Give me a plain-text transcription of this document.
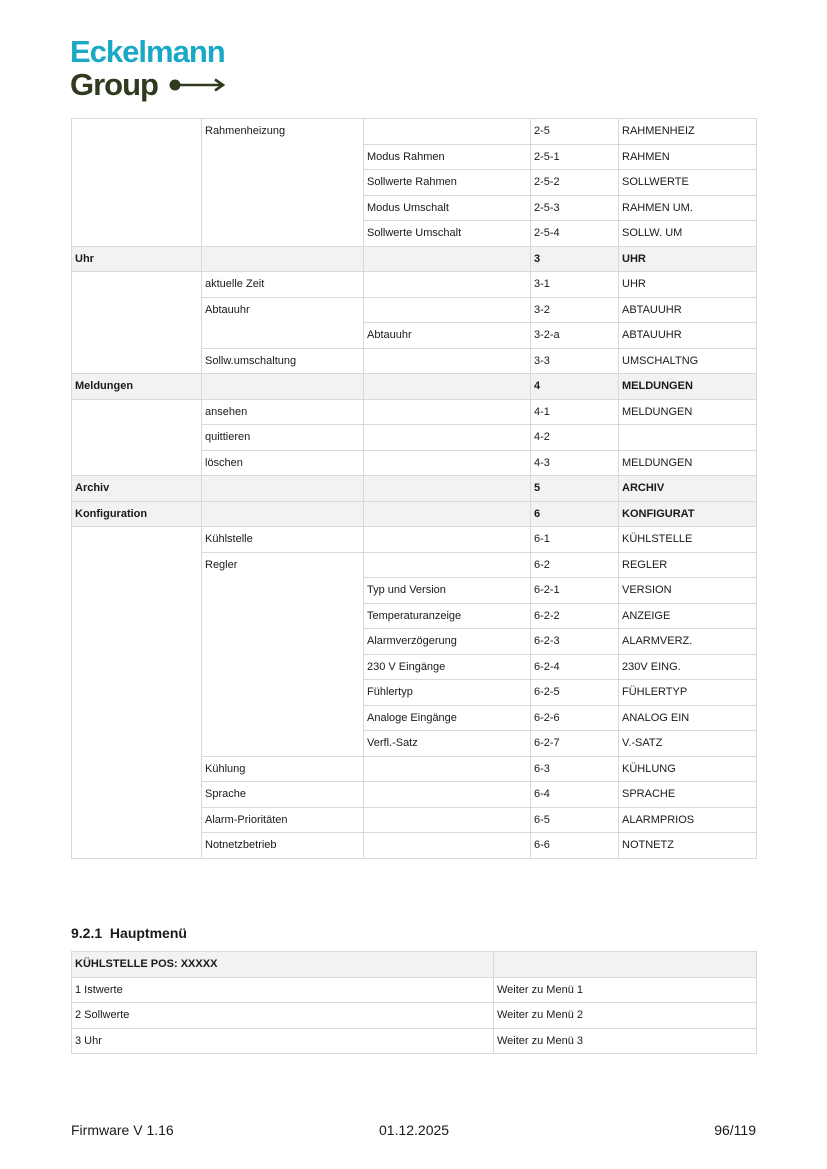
Eckelmann
Group
	Rahmenheizung		2-5	RAHMENHEIZ
		Modus Rahmen	2-5-1	RAHMEN
		Sollwerte Rahmen	2-5-2	SOLLWERTE
		Modus Umschalt	2-5-3	RAHMEN UM.
		Sollwerte Umschalt	2-5-4	SOLLW. UM
Uhr			3	UHR
	aktuelle Zeit		3-1	UHR
	Abtauuhr		3-2	ABTAUUHR
		Abtauuhr	3-2-a	ABTAUUHR
	Sollw.umschaltung		3-3	UMSCHALTNG
Meldungen			4	MELDUNGEN
	ansehen		4-1	MELDUNGEN
	quittieren		4-2	
	löschen		4-3	MELDUNGEN
Archiv			5	ARCHIV
Konfiguration			6	KONFIGURAT
	Kühlstelle		6-1	KÜHLSTELLE
	Regler		6-2	REGLER
		Typ und Version	6-2-1	VERSION
		Temperaturanzeige	6-2-2	ANZEIGE
		Alarmverzögerung	6-2-3	ALARMVERZ.
		230 V Eingänge	6-2-4	230V EING.
		Fühlertyp	6-2-5	FÜHLERTYP
		Analoge Eingänge	6-2-6	ANALOG EIN
		Verfl.-Satz	6-2-7	V.-SATZ
	Kühlung		6-3	KÜHLUNG
	Sprache		6-4	SPRACHE
	Alarm-Prioritäten		6-5	ALARMPRIOS
	Notnetzbetrieb		6-6	NOTNETZ
9.2.1 Hauptmenü
KÜHLSTELLE POS: XXXXX	
1 Istwerte	Weiter zu Menü 1
2 Sollwerte	Weiter zu Menü 2
3 Uhr	Weiter zu Menü 3
Firmware V 1.16	01.12.2025	96/119
